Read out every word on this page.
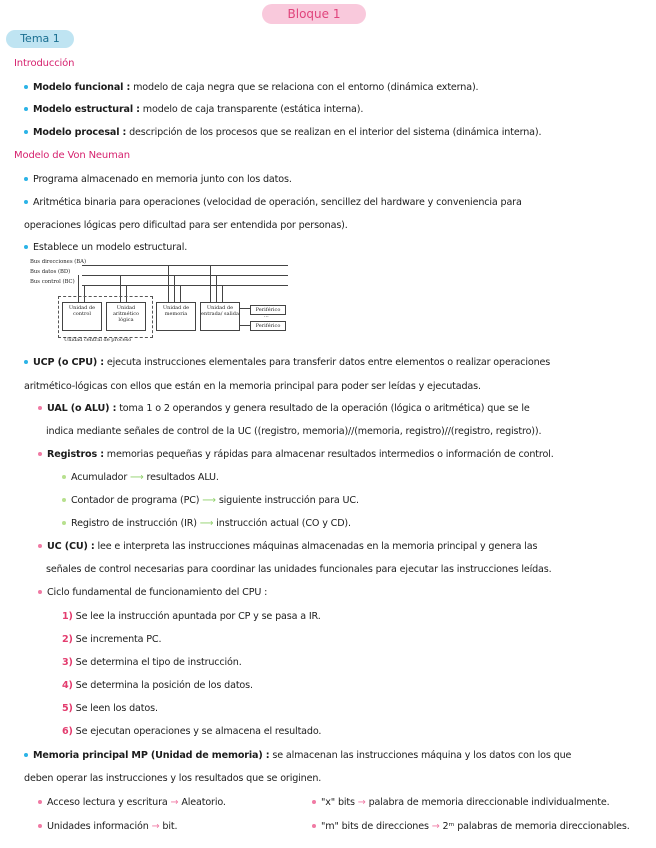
Bloque 1
Tema 1
Introducción
Modelo funcional : modelo de caja negra que se relaciona con el entorno (dinámica externa).
Modelo estructural : modelo de caja transparente (estática interna).
Modelo procesal : descripción de los procesos que se realizan en el interior del sistema (dinámica interna).
Modelo de Von Neuman
Programa almacenado en memoria junto con los datos.
Aritmética binaria para operaciones (velocidad de operación, sencillez del hardware y conveniencia para
operaciones lógicas pero dificultad para ser entendida por personas).
Establece un modelo estructural.
Bus direcciones (BA)
Bus datos (BD)
Bus control (BC)
Unidad de control
Unidad aritmético lógica
Unidad de memoria
Unidad de entrada/ salida
Periférico
...
Periférico
Unidad central de proceso
UCP (o CPU) : ejecuta instrucciones elementales para transferir datos entre elementos o realizar operaciones
aritmético-lógicas con ellos que están en la memoria principal para poder ser leídas y ejecutadas.
UAL (o ALU) : toma 1 o 2 operandos y genera resultado de la operación (lógica o aritmética) que se le
indica mediante señales de control de la UC ((registro, memoria)//(memoria, registro)//(registro, registro)).
Registros : memorias pequeñas y rápidas para almacenar resultados intermedios o información de control.
Acumulador ⟶ resultados ALU.
Contador de programa (PC) ⟶ siguiente instrucción para UC.
Registro de instrucción (IR) ⟶ instrucción actual (CO y CD).
UC (CU) : lee e interpreta las instrucciones máquinas almacenadas en la memoria principal y genera las
señales de control necesarias para coordinar las unidades funcionales para ejecutar las instrucciones leídas.
Ciclo fundamental de funcionamiento del CPU :
1) Se lee la instrucción apuntada por CP y se pasa a IR.
2) Se incrementa PC.
3) Se determina el tipo de instrucción.
4) Se determina la posición de los datos.
5) Se leen los datos.
6) Se ejecutan operaciones y se almacena el resultado.
Memoria principal MP (Unidad de memoria) : se almacenan las instrucciones máquina y los datos con los que
deben operar las instrucciones y los resultados que se originen.
Acceso lectura y escritura → Aleatorio.
Unidades información → bit.
"x" bits → palabra de memoria direccionable individualmente.
"m" bits de direcciones → 2ᵐ palabras de memoria direccionables.
